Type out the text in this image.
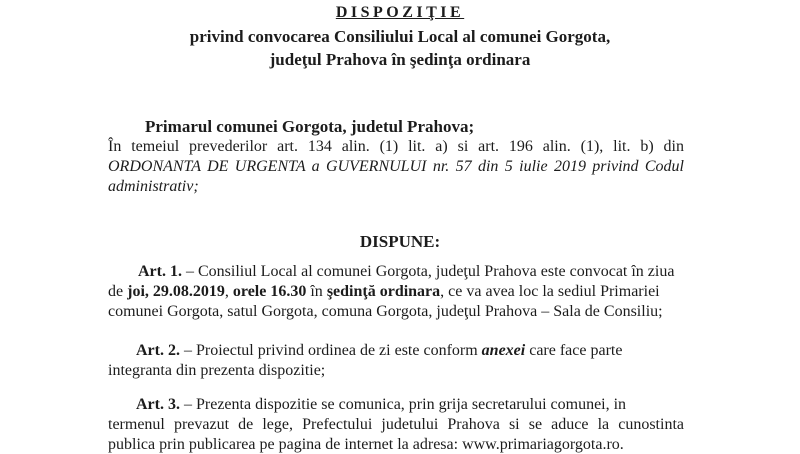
DISPOZIŢIE
privind convocarea Consiliului Local al comunei Gorgota,
judeţul Prahova în şedinţa ordinara
Primarul comunei Gorgota, judetul Prahova;
În temeiul prevederilor art. 134 alin. (1) lit. a) si art. 196 alin. (1), lit. b) din
ORDONANTA DE URGENTA a GUVERNULUI nr. 57 din 5 iulie 2019 privind Codul
administrativ;
DISPUNE:
Art. 1. – Consiliul Local al comunei Gorgota, judeţul Prahova este convocat în ziua
de joi, 29.08.2019, orele 16.30 în şedinţă ordinara, ce va avea loc la sediul Primariei
comunei Gorgota, satul Gorgota, comuna Gorgota, judeţul Prahova – Sala de Consiliu;
Art. 2. – Proiectul privind ordinea de zi este conform anexei care face parte
integranta din prezenta dispozitie;
Art. 3. – Prezenta dispozitie se comunica, prin grija secretarului comunei, in
termenul prevazut de lege, Prefectului judetului Prahova si se aduce la cunostinta
publica prin publicarea pe pagina de internet la adresa: www.primariagorgota.ro.
